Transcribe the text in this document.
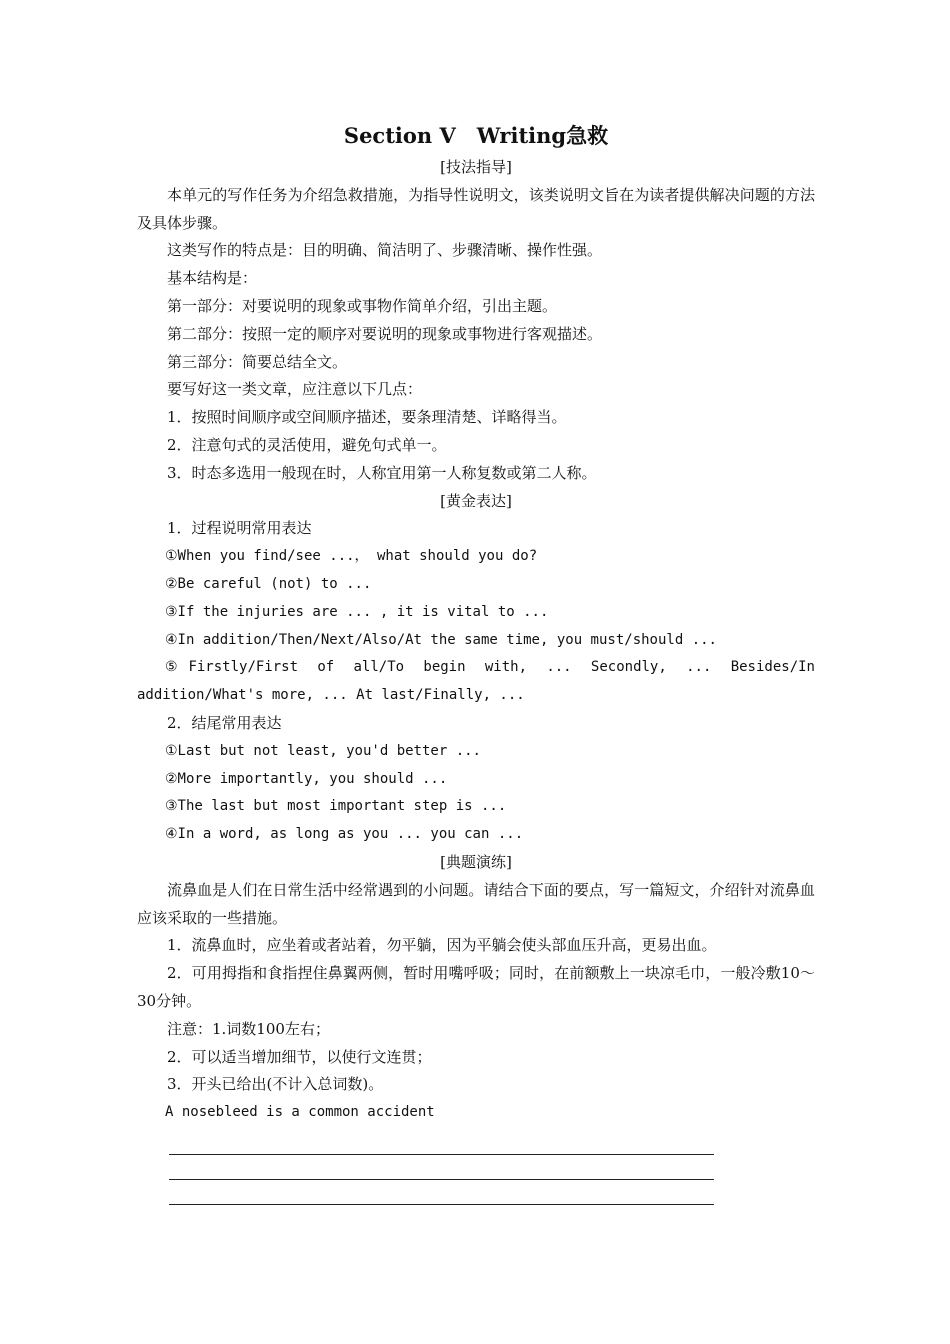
Section Ⅴ　Writing急救
[技法指导]

本单元的写作任务为介绍急救措施，为指导性说明文，该类说明文旨在为读者提供解决问题的方法及具体步骤。

这类写作的特点是：目的明确、简洁明了、步骤清晰、操作性强。

基本结构是：

第一部分：对要说明的现象或事物作简单介绍，引出主题。

第二部分：按照一定的顺序对要说明的现象或事物进行客观描述。

第三部分：简要总结全文。

要写好这一类文章，应注意以下几点：

1．按照时间顺序或空间顺序描述，要条理清楚、详略得当。

2．注意句式的灵活使用，避免句式单一。

3．时态多选用一般现在时，人称宜用第一人称复数或第二人称。

[黄金表达]

1．过程说明常用表达

①When you find/see ...， what should you do?

②Be careful (not) to ...

③If the injuries are ... , it is vital to ...

④In addition/Then/Next/Also/At the same time, you must/should ...

⑤Firstly/First of all/To begin with, ... Secondly, ... Besides/In addition/What's more, ... At last/Finally, ...

2．结尾常用表达

①Last but not least, you'd better ...

②More importantly, you should ...

③The last but most important step is ...

④In a word, as long as you ... you can ...

[典题演练]

流鼻血是人们在日常生活中经常遇到的小问题。请结合下面的要点，写一篇短文，介绍针对流鼻血应该采取的一些措施。

1．流鼻血时，应坐着或者站着，勿平躺，因为平躺会使头部血压升高，更易出血。

2．可用拇指和食指捏住鼻翼两侧，暂时用嘴呼吸；同时，在前额敷上一块凉毛巾，一般冷敷10～30分钟。

注意：1.词数100左右；

2．可以适当增加细节，以使行文连贯；

3．开头已给出(不计入总词数)。

A nosebleed is a common accident
